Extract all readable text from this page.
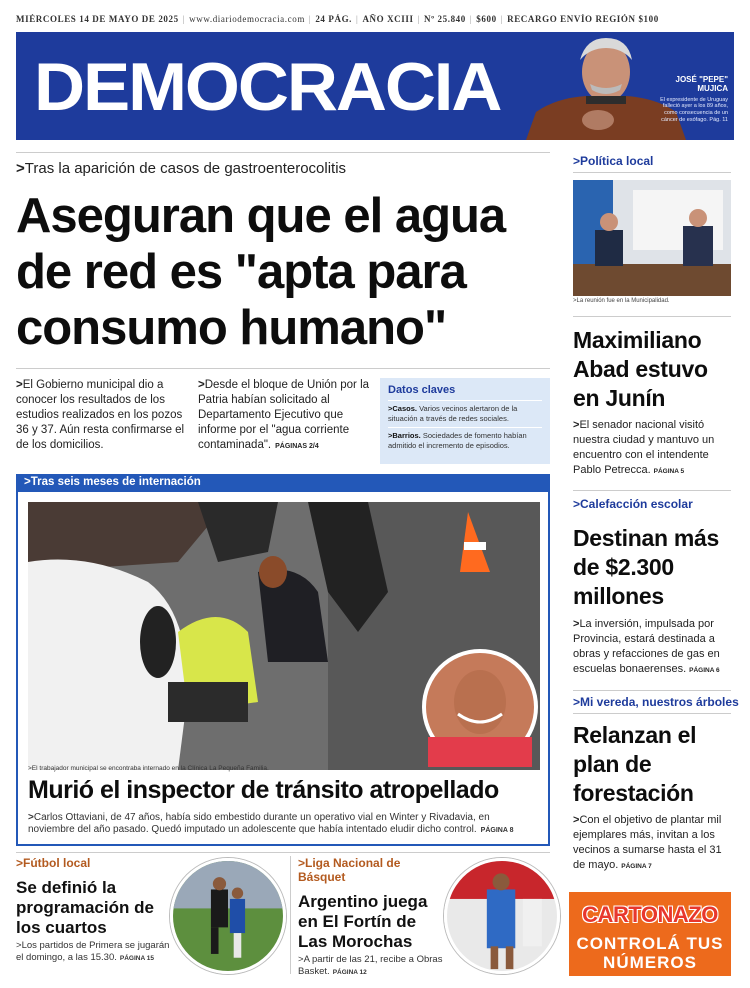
MIÉRCOLES 14 DE MAYO DE 2025 | www.diariodemocracia.com | 24 PÁG. | AÑO XCIII | Nº 25.840 | $600 | RECARGO ENVÍO REGIÓN $100
DEMOCRACIA	JOSÉ "PEPE" MUJICA
El expresidente de Uruguay falleció ayer a los 89 años, como consecuencia de un cáncer de esófago. Pág. 11
>Tras la aparición de casos de gastroenterocolitis
Aseguran que el agua de red es "apta para consumo humano"
>El Gobierno municipal dio a conocer los resultados de los estudios realizados en los pozos 36 y 37. Aún resta confirmarse el de los domicilios.
>Desde el bloque de Unión por la Patria habían solicitado al Departamento Ejecutivo que informe por el "agua corriente contaminada". PÁGINAS 2/4
Datos claves
>Casos. Varios vecinos alertaron de la situación a través de redes sociales.
>Barrios. Sociedades de fomento habían admitido el incremento de episodios.
>Tras seis meses de internación
>El trabajador municipal se encontraba internado en la Clínica La Pequeña Familia.
Murió el inspector de tránsito atropellado
>Carlos Ottaviani, de 47 años, había sido embestido durante un operativo vial en Winter y Rivadavia, en noviembre del año pasado. Quedó imputado un adolescente que había intentado eludir dicho control. PÁGINA 8
>Fútbol local
Se definió la programación de los cuartos
>Los partidos de Primera se jugarán el domingo, a las 15.30. PÁGINA 15
>Liga Nacional de Básquet
Argentino juega en El Fortín de Las Morochas
>A partir de las 21, recibe a Obras Basket. PÁGINA 12
>Política local
>La reunión fue en la Municipalidad.
Maximiliano Abad estuvo en Junín
>El senador nacional visitó nuestra ciudad y mantuvo un encuentro con el intendente Pablo Petrecca. PÁGINA 5
>Calefacción escolar
Destinan más de $2.300 millones
>La inversión, impulsada por Provincia, estará destinada a obras y refacciones de gas en escuelas bonaerenses. PÁGINA 6
>Mi vereda, nuestros árboles
Relanzan el plan de forestación
>Con el objetivo de plantar mil ejemplares más, invitan a los vecinos a sumarse hasta el 31 de mayo. PÁGINA 7
CARTONAZO
CONTROLÁ TUS NÚMEROS
